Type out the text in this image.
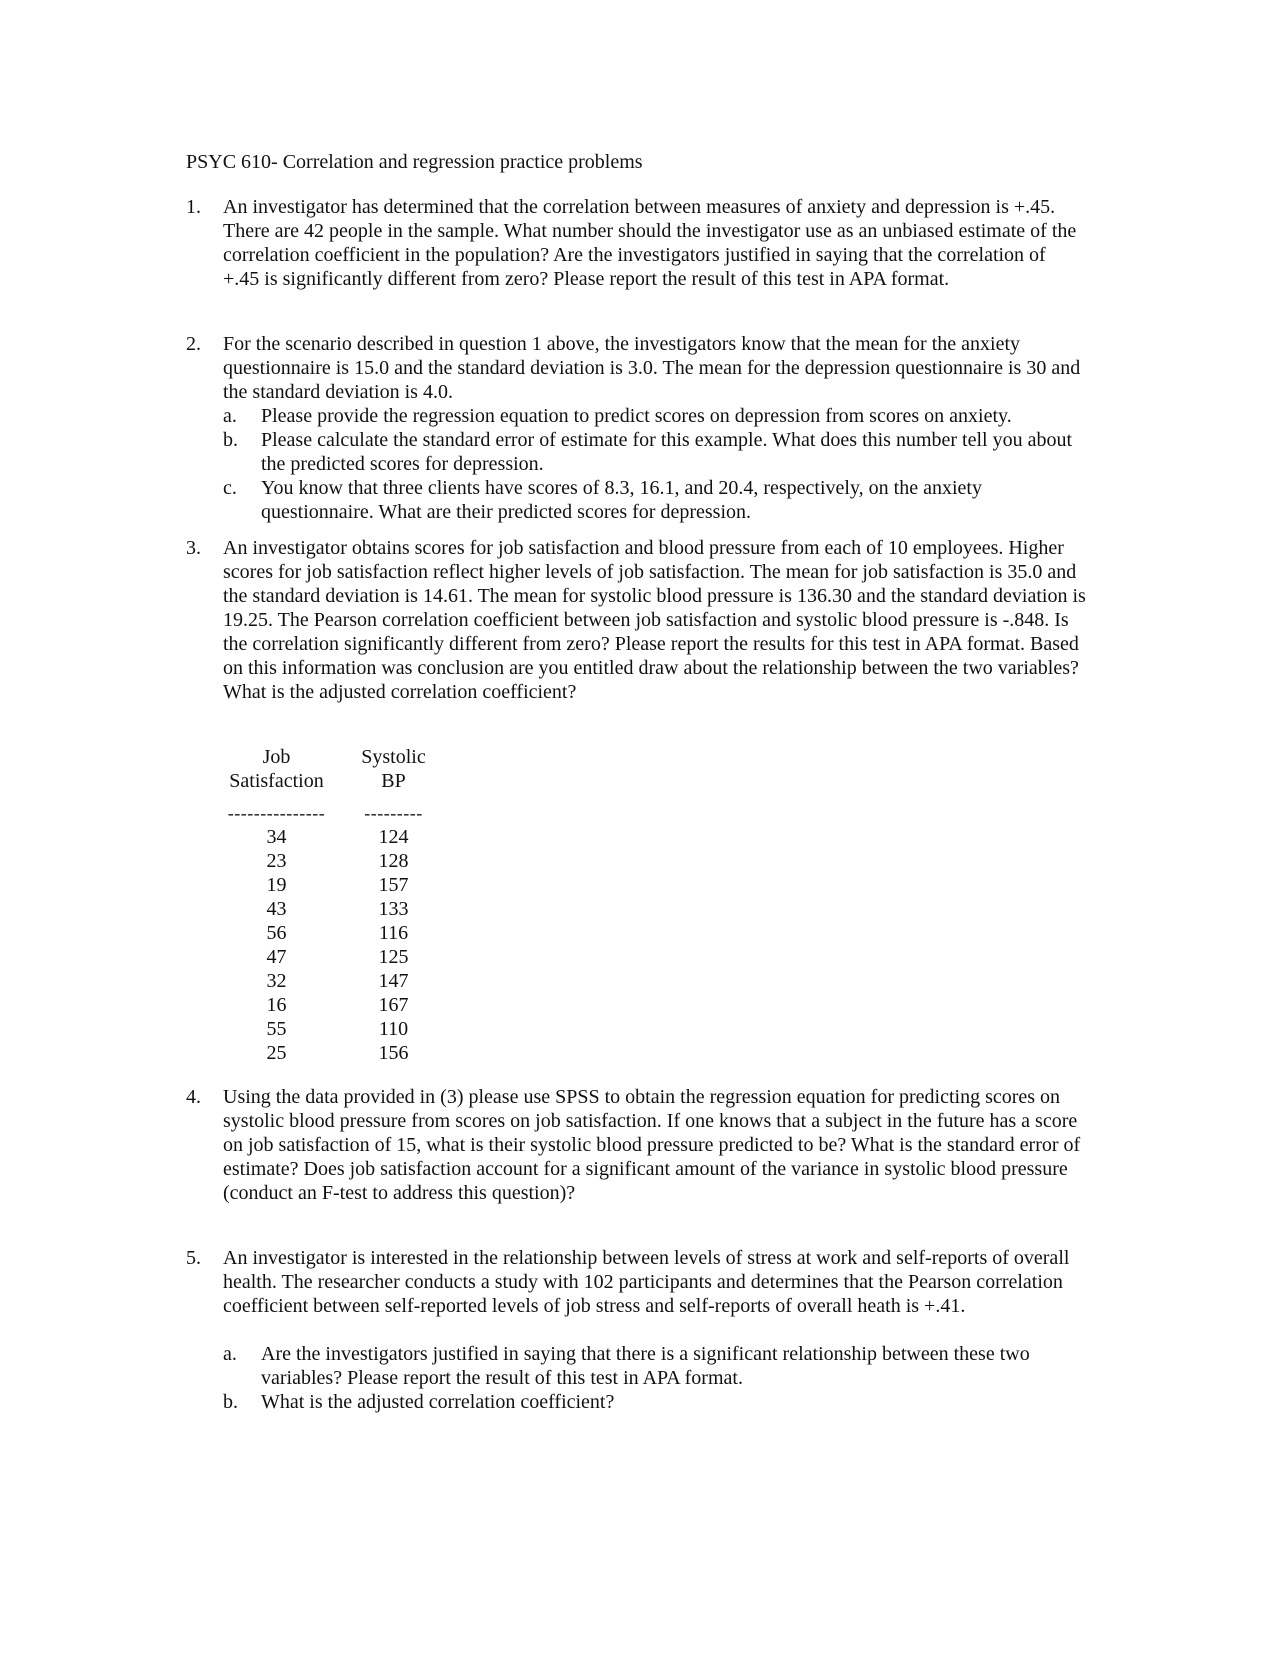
PSYC 610- Correlation and regression practice problems
1. An investigator has determined that the correlation between measures of anxiety and depression is +.45. There are 42 people in the sample. What number should the investigator use as an unbiased estimate of the correlation coefficient in the population? Are the investigators justified in saying that the correlation of +.45 is significantly different from zero? Please report the result of this test in APA format.

2. For the scenario described in question 1 above, the investigators know that the mean for the anxiety questionnaire is 15.0 and the standard deviation is 3.0. The mean for the depression questionnaire is 30 and the standard deviation is 4.0.

a. Please provide the regression equation to predict scores on depression from scores on anxiety.
b. Please calculate the standard error of estimate for this example. What does this number tell you about the predicted scores for depression.
c. You know that three clients have scores of 8.3, 16.1, and 20.4, respectively, on the anxiety questionnaire. What are their predicted scores for depression.
3. An investigator obtains scores for job satisfaction and blood pressure from each of 10 employees. Higher scores for job satisfaction reflect higher levels of job satisfaction. The mean for job satisfaction is 35.0 and the standard deviation is 14.61. The mean for systolic blood pressure is 136.30 and the standard deviation is 19.25. The Pearson correlation coefficient between job satisfaction and systolic blood pressure is -.848. Is the correlation significantly different from zero? Please report the results for this test in APA format. Based on this information was conclusion are you entitled draw about the relationship between the two variables? What is the adjusted correlation coefficient?

Job
Satisfaction
---------------
34
23
19
43
56
47
32
16
55
25
Systolic
BP
---------
124
128
157
133
116
125
147
167
110
156
4. Using the data provided in (3) please use SPSS to obtain the regression equation for predicting scores on systolic blood pressure from scores on job satisfaction. If one knows that a subject in the future has a score on job satisfaction of 15, what is their systolic blood pressure predicted to be? What is the standard error of estimate? Does job satisfaction account for a significant amount of the variance in systolic blood pressure (conduct an F-test to address this question)?

5. An investigator is interested in the relationship between levels of stress at work and self-reports of overall health. The researcher conducts a study with 102 participants and determines that the Pearson correlation coefficient between self-reported levels of job stress and self-reports of overall heath is +.41.

a. Are the investigators justified in saying that there is a significant relationship between these two variables? Please report the result of this test in APA format.
b. What is the adjusted correlation coefficient?
